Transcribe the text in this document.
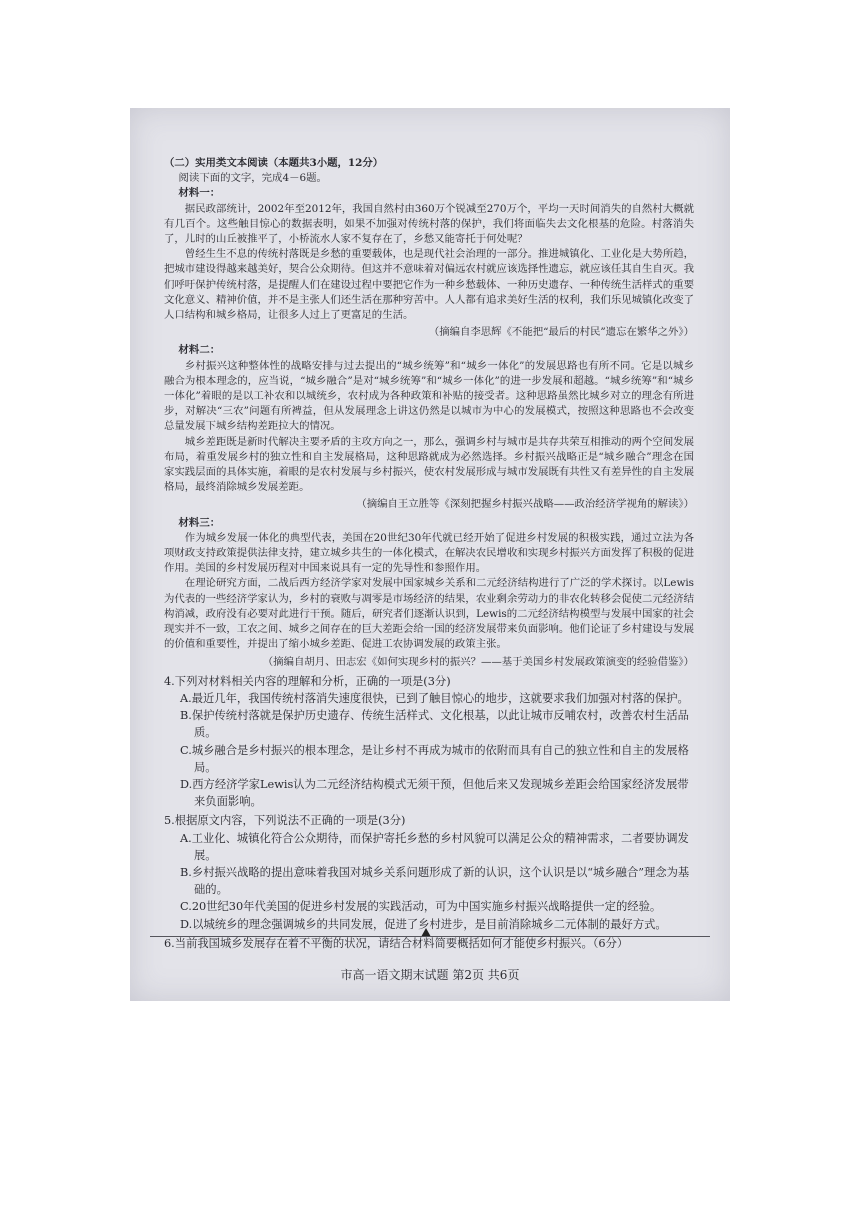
（二）实用类文本阅读（本题共3小题，12分）

阅读下面的文字，完成4－6题。

材料一：

据民政部统计，2002年至2012年，我国自然村由360万个锐减至270万个，平均一天时间消失的自然村大概就有几百个。这些触目惊心的数据表明，如果不加强对传统村落的保护，我们将面临失去文化根基的危险。村落消失了，儿时的山丘被推平了，小桥流水人家不复存在了，乡愁又能寄托于何处呢？

曾经生生不息的传统村落既是乡愁的重要载体，也是现代社会治理的一部分。推进城镇化、工业化是大势所趋，把城市建设得越来越美好，契合公众期待。但这并不意味着对偏远农村就应该选择性遗忘，就应该任其自生自灭。我们呼吁保护传统村落，是提醒人们在建设过程中要把它作为一种乡愁载体、一种历史遗存、一种传统生活样式的重要文化意义、精神价值，并不是主张人们还生活在那种穷苦中。人人都有追求美好生活的权利，我们乐见城镇化改变了人口结构和城乡格局，让很多人过上了更富足的生活。

（摘编自李思辉《不能把“最后的村民”遗忘在繁华之外》）

材料二：

乡村振兴这种整体性的战略安排与过去提出的“城乡统筹”和“城乡一体化”的发展思路也有所不同。它是以城乡融合为根本理念的，应当说，“城乡融合”是对“城乡统筹”和“城乡一体化”的进一步发展和超越。“城乡统筹”和“城乡一体化”着眼的是以工补农和以城统乡，农村成为各种政策和补贴的接受者。这种思路虽然比城乡对立的理念有所进步，对解决“三农”问题有所裨益，但从发展理念上讲这仍然是以城市为中心的发展模式，按照这种思路也不会改变总量发展下城乡结构差距拉大的情况。

城乡差距既是新时代解决主要矛盾的主攻方向之一，那么，强调乡村与城市是共存共荣互相推动的两个空间发展布局，着重发展乡村的独立性和自主发展格局，这种思路就成为必然选择。乡村振兴战略正是“城乡融合”理念在国家实践层面的具体实施，着眼的是农村发展与乡村振兴，使农村发展形成与城市发展既有共性又有差异性的自主发展格局，最终消除城乡发展差距。

（摘编自王立胜等《深刻把握乡村振兴战略——政治经济学视角的解读》）

材料三：

作为城乡发展一体化的典型代表，美国在20世纪30年代就已经开始了促进乡村发展的积极实践，通过立法为各项财政支持政策提供法律支持，建立城乡共生的一体化模式，在解决农民增收和实现乡村振兴方面发挥了积极的促进作用。美国的乡村发展历程对中国来说具有一定的先导性和参照作用。

在理论研究方面，二战后西方经济学家对发展中国家城乡关系和二元经济结构进行了广泛的学术探讨。以Lewis为代表的一些经济学家认为，乡村的衰败与凋零是市场经济的结果，农业剩余劳动力的非农化转移会促使二元经济结构消减，政府没有必要对此进行干预。随后，研究者们逐渐认识到，Lewis的二元经济结构模型与发展中国家的社会现实并不一致，工农之间、城乡之间存在的巨大差距会给一国的经济发展带来负面影响。他们论证了乡村建设与发展的价值和重要性，并提出了缩小城乡差距、促进工农协调发展的政策主张。

（摘编自胡月、田志宏《如何实现乡村的振兴？——基于美国乡村发展政策演变的经验借鉴》）

4.下列对材料相关内容的理解和分析，正确的一项是(3分)

A.最近几年，我国传统村落消失速度很快，已到了触目惊心的地步，这就要求我们加强对村落的保护。

B.保护传统村落就是保护历史遗存、传统生活样式、文化根基，以此让城市反哺农村，改善农村生活品质。

C.城乡融合是乡村振兴的根本理念，是让乡村不再成为城市的依附而具有自己的独立性和自主的发展格局。

D.西方经济学家Lewis认为二元经济结构模式无须干预，但他后来又发现城乡差距会给国家经济发展带来负面影响。

5.根据原文内容，下列说法不正确的一项是(3分)

A.工业化、城镇化符合公众期待，而保护寄托乡愁的乡村风貌可以满足公众的精神需求，二者要协调发展。

B.乡村振兴战略的提出意味着我国对城乡关系问题形成了新的认识，这个认识是以“城乡融合”理念为基础的。

C.20世纪30年代美国的促进乡村发展的实践活动，可为中国实施乡村振兴战略提供一定的经验。

D.以城统乡的理念强调城乡的共同发展，促进了乡村进步，是目前消除城乡二元体制的最好方式。

6.当前我国城乡发展存在着不平衡的状况，请结合材料简要概括如何才能使乡村振兴。（6分）

市高一语文期末试题 第2页 共6页
